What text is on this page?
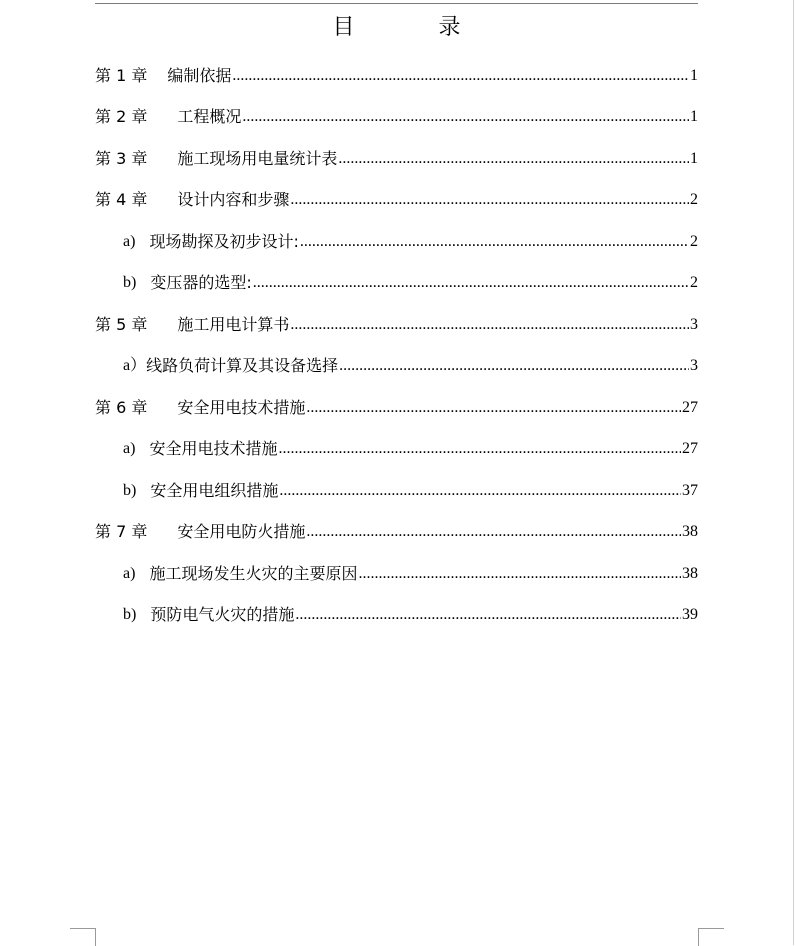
目	录
第 1 章 编制依据 .....	1
第 2 章 工程概况 .....	1
第 3 章 施工现场用电量统计表 .....	1
第 4 章 设计内容和步骤 .....	2
a) 现场勘探及初步设计: .....	2
b) 变压器的选型: .....	2
第 5 章 施工用电计算书 .....	3
a） 线路负荷计算及其设备选择 .....	3
第 6 章 安全用电技术措施 .....	27
a) 安全用电技术措施 .....	27
b) 安全用电组织措施 .....	37
第 7 章 安全用电防火措施 .....	38
a) 施工现场发生火灾的主要原因 .....	38
b) 预防电气火灾的措施 .....	39
